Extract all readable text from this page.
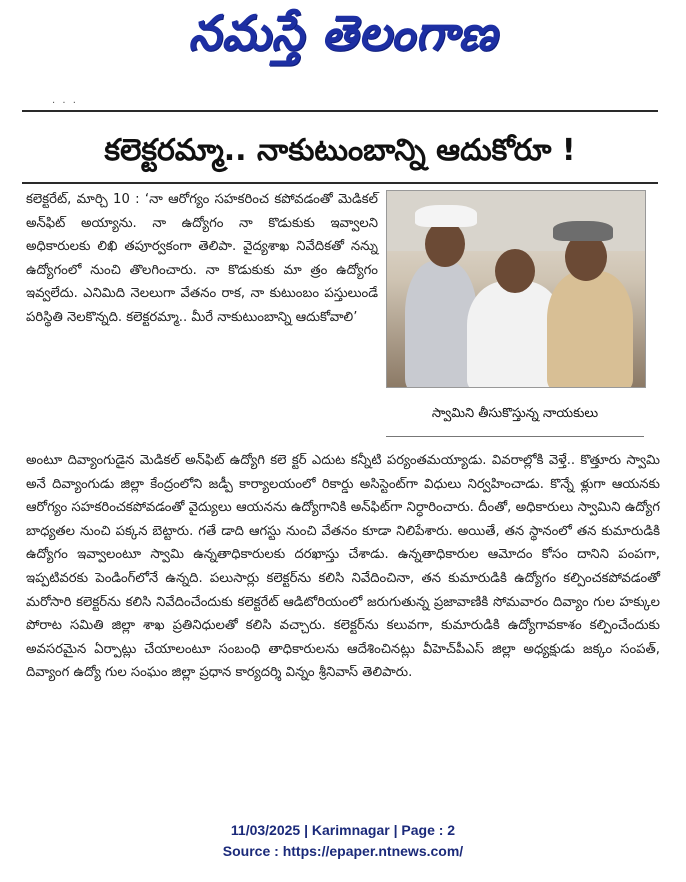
నమస్తే తెలంగాణ
· · ·
కలెక్టరమ్మా.. నాకుటుంబాన్ని ఆదుకోరూ !

కలెక్టరేట్, మార్చి 10 : ‘నా ఆరోగ్యం సహకరించ కపోవడంతో మెడికల్ అన్‌ఫిట్ అయ్యాను. నా ఉద్యోగం నా కొడుకుకు ఇవ్వాలని అధికారులకు లిఖి తపూర్వకంగా తెలిపా. వైద్యశాఖ నివేదికతో నన్ను ఉద్యోగంలో నుంచి తొలగించారు. నా కొడుకుకు మా త్రం ఉద్యోగం ఇవ్వలేదు. ఎనిమిది నెలలుగా వేతనం రాక, నా కుటుంబం పస్తులుండే పరిస్థితి నెలకొన్నది. కలెక్టరమ్మా.. మీరే నాకుటుంబాన్ని ఆదుకోవాలి’

స్వామిని తీసుకొస్తున్న నాయకులు

అంటూ దివ్యాంగుడైన మెడికల్ అన్‌ఫిట్ ఉద్యోగి కలె క్టర్ ఎదుట కన్నీటి పర్యంతమయ్యాడు. వివరాల్లోకి వెళ్తే.. కొత్తూరు స్వామి అనే దివ్యాంగుడు జిల్లా కేంద్రంలోని జడ్పీ కార్యాలయంలో రికార్డు అసిస్టెంట్‌గా విధులు నిర్వహించాడు. కొన్నే ళ్లుగా ఆయనకు ఆరోగ్యం సహకరించకపోవడంతో వైద్యులు ఆయనను ఉద్యోగానికి అన్‌ఫిట్‌గా నిర్ధారించారు. దీంతో, అధికారులు స్వామిని ఉద్యోగ బాధ్యతల నుంచి పక్కన బెట్టారు. గతే డాది ఆగస్టు నుంచి వేతనం కూడా నిలిపేశారు. అయితే, తన స్థానంలో తన కుమారుడికి ఉద్యోగం ఇవ్వాలంటూ స్వామి ఉన్నతాధికారులకు దరఖాస్తు చేశాడు. ఉన్నతాధికారుల ఆమోదం కోసం దానిని పంపగా, ఇప్పటివరకు పెండింగ్‌లోనే ఉన్నది. పలుసార్లు కలెక్టర్‌ను కలిసి నివేదించినా, తన కుమారుడికి ఉద్యోగం కల్పించకపోవడంతో మరోసారి కలెక్టర్‌ను కలిసి నివేదించేందుకు కలెక్టరేట్ ఆడిటోరియంలో జరుగుతున్న ప్రజావాణికి సోమవారం దివ్యాం గుల హక్కుల పోరాట సమితి జిల్లా శాఖ ప్రతినిధులతో కలిసి వచ్చారు. కలెక్టర్‌ను కలువగా, కుమారుడికి ఉద్యోగావకాశం కల్పించేందుకు అవసరమైన ఏర్పాట్లు చేయాలంటూ సంబంధి తాధికారులను ఆదేశించినట్లు వీహెచ్‌పీఎస్ జిల్లా అధ్యక్షుడు జక్కం సంపత్, దివ్యాంగ ఉద్యో గుల సంఘం జిల్లా ప్రధాన కార్యదర్శి విన్నం శ్రీనివాస్ తెలిపారు.

11/03/2025 | Karimnagar | Page : 2
Source : https://epaper.ntnews.com/
